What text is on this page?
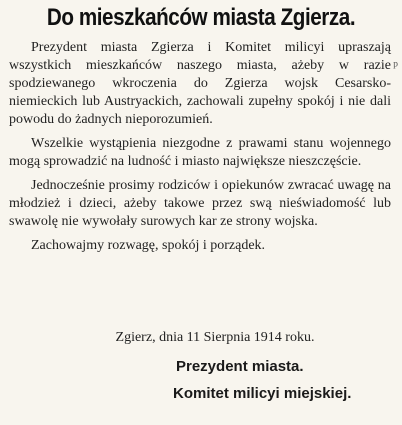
Do mieszkańców miasta Zgierza.

Prezydent miasta Zgierza i Komitet milicyi upraszają wszystkich mieszkańców naszego miasta, ażeby w razie spodziewanego wkroczenia do Zgierza wojsk Cesarsko-niemieckich lub Austryackich, zachowali zupełny spokój i nie dali powodu do żadnych nieporozumień.

Wszelkie wystąpienia niezgodne z prawami stanu wojennego mogą sprowadzić na ludność i miasto największe nieszczęście.

Jednocześnie prosimy rodziców i opiekunów zwracać uwagę na młodzież i dzieci, ażeby takowe przez swą nieświadomość lub swawolę nie wywołały surowych kar ze strony wojska.

Zachowajmy rozwagę, spokój i porządek.

Zgierz, dnia 11 Sierpnia 1914 roku.
Prezydent miasta.
Komitet milicyi miejskiej.
ᵖ
